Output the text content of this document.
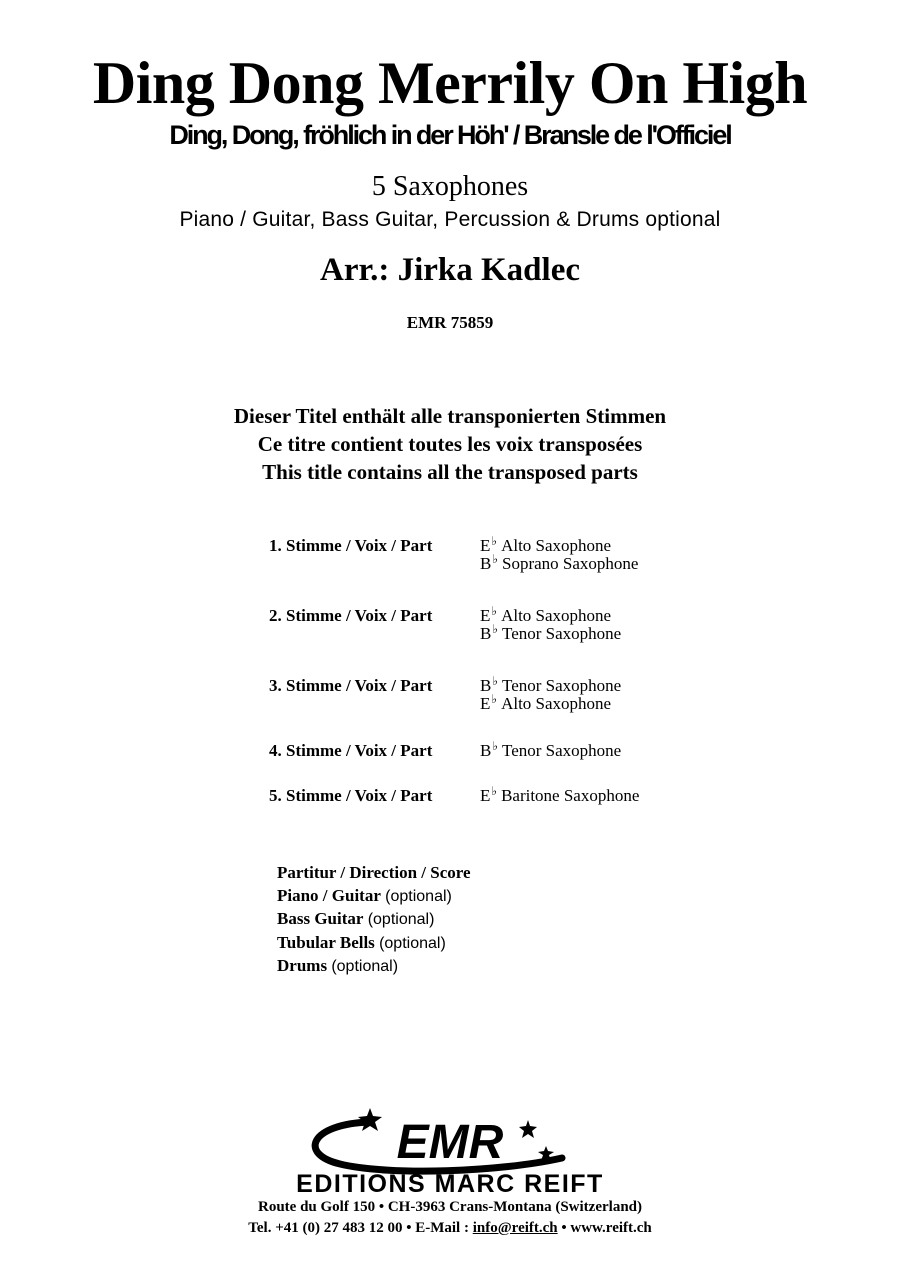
Ding Dong Merrily On High
Ding, Dong, fröhlich in der Höh' / Bransle de l'Officiel
5 Saxophones
Piano / Guitar, Bass Guitar, Percussion & Drums optional
Arr.: Jirka Kadlec
EMR 75859
Dieser Titel enthält alle transponierten Stimmen
Ce titre contient toutes les voix transposées
This title contains all the transposed parts
1. Stimme / Voix / Part	E♭ Alto Saxophone
B♭ Soprano Saxophone
2. Stimme / Voix / Part	E♭ Alto Saxophone
B♭ Tenor Saxophone
3. Stimme / Voix / Part	B♭ Tenor Saxophone
E♭ Alto Saxophone
4. Stimme / Voix / Part	B♭ Tenor Saxophone
5. Stimme / Voix / Part	E♭ Baritone Saxophone
Partitur / Direction / Score
Piano / Guitar (optional)
Bass Guitar (optional)
Tubular Bells (optional)
Drums (optional)
EMR
EDITIONS MARC REIFT
Route du Golf 150 • CH-3963 Crans-Montana (Switzerland)
Tel. +41 (0) 27 483 12 00 • E-Mail : info@reift.ch • www.reift.ch
